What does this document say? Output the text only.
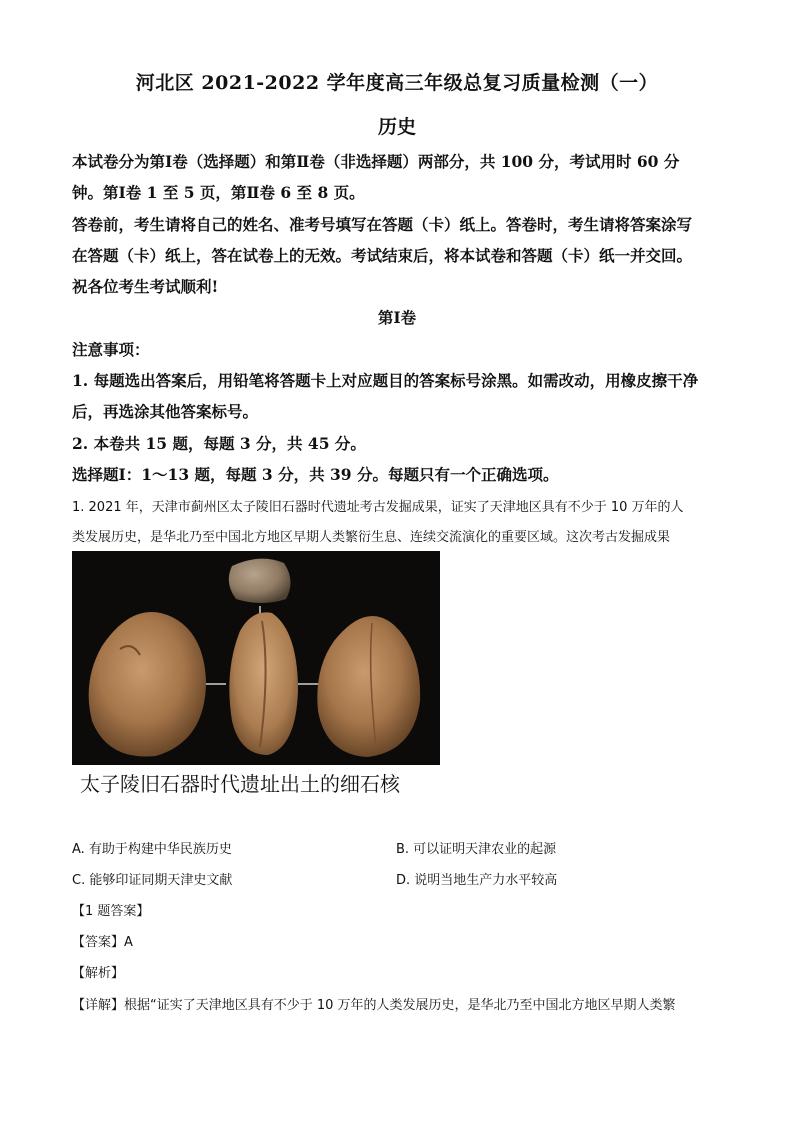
河北区 2021-2022 学年度高三年级总复习质量检测（一）
历史
本试卷分为第Ⅰ卷（选择题）和第Ⅱ卷（非选择题）两部分，共 100 分，考试用时 60 分
钟。第Ⅰ卷 1 至 5 页，第Ⅱ卷 6 至 8 页。
答卷前，考生请将自己的姓名、准考号填写在答题（卡）纸上。答卷时，考生请将答案涂写
在答题（卡）纸上，答在试卷上的无效。考试结束后，将本试卷和答题（卡）纸一并交回。
祝各位考生考试顺利!
第Ⅰ卷
注意事项：
1. 每题选出答案后，用铅笔将答题卡上对应题目的答案标号涂黑。如需改动，用橡皮擦干净
后，再选涂其他答案标号。
2. 本卷共 15 题，每题 3 分，共 45 分。
选择题Ⅰ：1～13 题，每题 3 分，共 39 分。每题只有一个正确选项。
1. 2021 年，天津市蓟州区太子陵旧石器时代遗址考古发掘成果，证实了天津地区具有不少于 10 万年的人
类发展历史，是华北乃至中国北方地区早期人类繁衍生息、连续交流演化的重要区域。这次考古发掘成果
太子陵旧石器时代遗址出土的细石核
A. 有助于构建中华民族历史	B. 可以证明天津农业的起源
C. 能够印证同期天津史文献	D. 说明当地生产力水平较高
【1 题答案】
【答案】A
【解析】
【详解】根据“证实了天津地区具有不少于 10 万年的人类发展历史，是华北乃至中国北方地区早期人类繁
